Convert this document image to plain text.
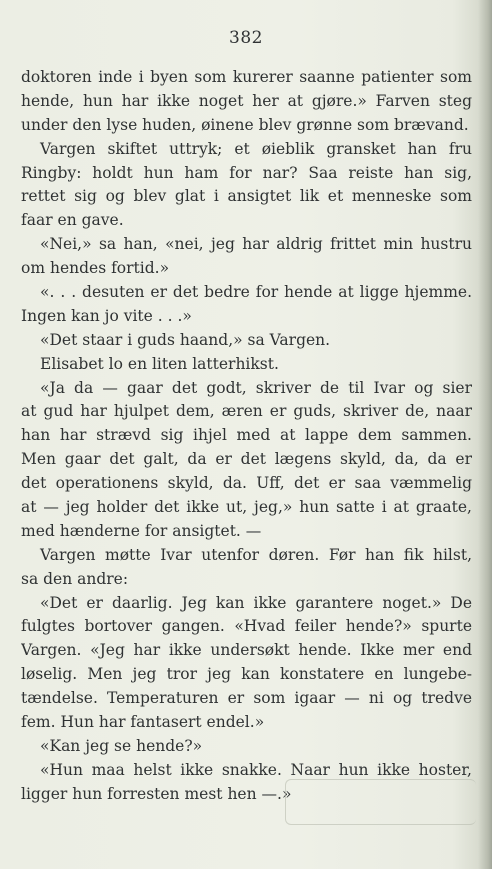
382
doktoren inde i byen som kurerer saanne patienter som
hende, hun har ikke noget her at gjøre.» Farven steg
under den lyse huden, øinene blev grønne som brævand.
Vargen skiftet uttryk; et øieblik gransket han fru
Ringby: holdt hun ham for nar? Saa reiste han sig,
rettet sig og blev glat i ansigtet lik et menneske som
faar en gave.
«Nei,» sa han, «nei, jeg har aldrig frittet min hustru
om hendes fortid.»
«. . . desuten er det bedre for hende at ligge hjemme.
Ingen kan jo vite . . .»
«Det staar i guds haand,» sa Vargen.
Elisabet lo en liten latterhikst.
«Ja da — gaar det godt, skriver de til Ivar og sier
at gud har hjulpet dem, æren er guds, skriver de, naar
han har strævd sig ihjel med at lappe dem sammen.
Men gaar det galt, da er det lægens skyld, da, da er
det operationens skyld, da. Uff, det er saa væmmelig
at — jeg holder det ikke ut, jeg,» hun satte i at graate,
med hænderne for ansigtet. —
Vargen møtte Ivar utenfor døren. Før han fik hilst,
sa den andre:
«Det er daarlig. Jeg kan ikke garantere noget.» De
fulgtes bortover gangen. «Hvad feiler hende?» spurte
Vargen. «Jeg har ikke undersøkt hende. Ikke mer end
løselig. Men jeg tror jeg kan konstatere en lungebe-
tændelse. Temperaturen er som igaar — ni og tredve
fem. Hun har fantasert endel.»
«Kan jeg se hende?»
«Hun maa helst ikke snakke. Naar hun ikke hoster,
ligger hun forresten mest hen —.»
